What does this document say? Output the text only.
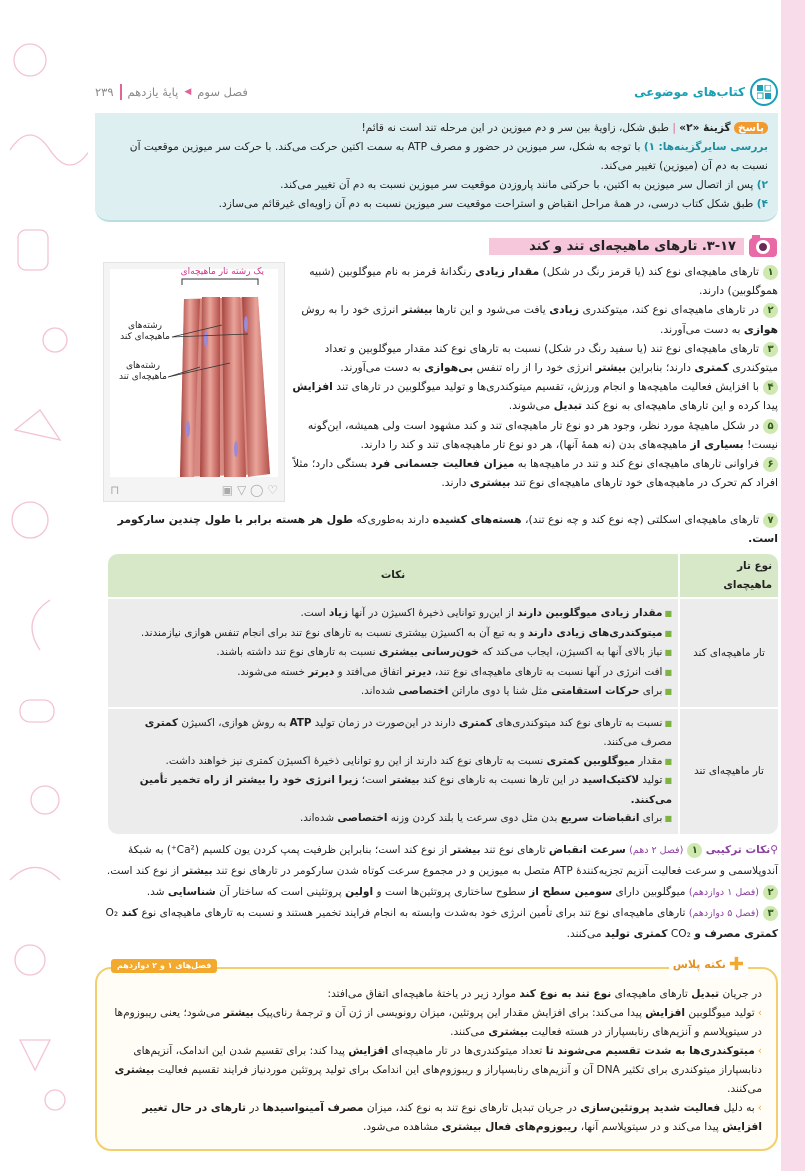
کتاب‌های موضوعی
فصل سوم
◀
پایهٔ یازدهم
۲۳۹
پاسخ گزینهٔ «۲» | طبق شکل، زاویهٔ بین سر و دم میوزین در این مرحله تند است نه قائم!
بررسی سایرگزینه‌ها: ۱) با توجه به شکل، سر میوزین در حضور و مصرف ATP به سمت اکتین حرکت می‌کند. با حرکت سر میوزین موقعیت آن نسبت به دم آن (میوزین) تغییر می‌کند.
۲) پس از اتصال سر میوزین به اکتین، با حرکتی مانند پاروزدن موقعیت سر میوزین نسبت به دم آن تغییر می‌کند.
۴) طبق شکل کتاب درسی، در همهٔ مراحل انقباض و استراحت موقعیت سر میوزین نسبت به دم آن زاویه‌ای غیرقائم می‌سازد.
۳-۱۷. تارهای ماهیچه‌ای تند و کند
یک رشته تار ماهیچه‌ای
رشته‌های ماهیچه‌ای کند
رشته‌های ماهیچه‌ای تند
♡ ◯ ▽ ▣
⊓
۱تارهای ماهیچه‌ای نوع کند (یا قرمز رنگ در شکل) مقدار زیادی رنگدانهٔ قرمز به نام میوگلوبین (شبیه هموگلوبین) دارند.
۲در تارهای ماهیچه‌ای نوع کند، میتوکندری زیادی یافت می‌شود و این تارها بیشتر انرژی خود را به روش هوازی به دست می‌آورند.
۳تارهای ماهیچه‌ای نوع تند (یا سفید رنگ در شکل) نسبت به تارهای نوع کند مقدار میوگلوبین و تعداد میتوکندری کمتری دارند؛ بنابراین بیشتر انرژی خود را از راه تنفس بی‌هوازی به دست می‌آورند.
۴با افزایش فعالیت ماهیچه‌ها و انجام ورزش، تقسیم میتوکندری‌ها و تولید میوگلوبین در تارهای تند افزایش پیدا کرده و این تارهای ماهیچه‌ای به نوع کند تبدیل می‌شوند.
۵در شکل ماهیچهٔ مورد نظر، وجود هر دو نوع تار ماهیچه‌ای تند و کند مشهود است ولی همیشه، این‌گونه نیست! بسیاری از ماهیچه‌های بدن (نه همهٔ آنها)، هر دو نوع تار ماهیچه‌های تند و کند را دارند.
۶فراوانی تارهای ماهیچه‌ای نوع کند و تند در ماهیچه‌ها به میزان فعالیت جسمانی فرد بستگی دارد؛ مثلاً افراد کم تحرک در ماهیچه‌های خود تارهای ماهیچه‌ای نوع تند بیشتری دارند.
۷تارهای ماهیچه‌ای اسکلتی (چه نوع کند و چه نوع تند)، هسته‌های کشیده دارند به‌طوری‌که طول هر هسته برابر با طول چندین سارکومر است.
نوع تار ماهیچه‌ای	نکات
تار ماهیچه‌ای کند	■مقدار زیادی میوگلوبین دارند از این‌رو توانایی ذخیرهٔ اکسیژن در آنها زیاد است.
■میتوکندری‌های زیادی دارند و به تبع آن به اکسیژن بیشتری نسبت به تارهای نوع تند برای انجام تنفس هوازی نیازمندند.
■نیاز بالای آنها به اکسیژن، ایجاب می‌کند که خون‌رسانی بیشتری نسبت به تارهای نوع تند داشته باشند.
■افت انرژی در آنها نسبت به تارهای ماهیچه‌ای نوع تند، دیرتر اتفاق می‌افتد و دیرتر خسته می‌شوند.
■برای حرکات استقامتی مثل شنا یا دوی ماراتن اختصاصی شده‌اند.

تار ماهیچه‌ای تند	■نسبت به تارهای نوع کند میتوکندری‌های کمتری دارند در این‌صورت در زمان تولید ATP به روش هوازی، اکسیژن کمتری مصرف می‌کنند.
■مقدار میوگلوبین کمتری نسبت به تارهای نوع کند دارند از این رو توانایی ذخیرهٔ اکسیژن کمتری نیز خواهند داشت.
■تولید لاکتیک‌اسید در این تارها نسبت به تارهای نوع کند بیشتر است؛ زیرا انرژی خود را بیشتر از راه تخمیر تأمین می‌کنند.
■برای انقباضات سریع بدن مثل دوی سرعت یا بلند کردن وزنه اختصاصی شده‌اند.
⚲نکات ترکیبی ۱(فصل ۲ دهم) سرعت انقباض تارهای نوع تند بیشتر از نوع کند است؛ بنابراین ظرفیت پمپ کردن یون کلسیم (Ca²⁺) به شبکهٔ آندوپلاسمی و سرعت فعالیت آنزیم تجزیه‌کنندهٔ ATP متصل به میوزین و در مجموع سرعت کوتاه شدن سارکومر در تارهای نوع تند بیشتر از نوع کند است.
۲(فصل ۱ دوازدهم) میوگلوبین دارای سومین سطح از سطوح ساختاری پروتئین‌ها است و اولین پروتئینی است که ساختار آن شناسایی شد.
۳(فصل ۵ دوازدهم) تارهای ماهیچه‌ای نوع تند برای تأمین انرژی خود به‌شدت وابسته به انجام فرایند تخمیر هستند و نسبت به تارهای ماهیچه‌ای نوع کند O₂ کمتری مصرف و CO₂ کمتری تولید می‌کنند.
در جریان تبدیل تارهای ماهیچه‌ای نوع تند به نوع کند موارد زیر در یاختهٔ ماهیچه‌ای اتفاق می‌افتد:
›تولید میوگلوبین افزایش پیدا می‌کند: برای افزایش مقدار این پروتئین، میزان رونویسی از ژن آن و ترجمهٔ رنای‌پیک بیشتر می‌شود؛ یعنی ریبوزوم‌ها در سیتوپلاسم و آنزیم‌های رنابسپاراز در هسته فعالیت بیشتری می‌کنند.
›میتوکندری‌ها به شدت تقسیم می‌شوند تا تعداد میتوکندری‌ها در تار ماهیچه‌ای افزایش پیدا کند: برای تقسیم شدن این اندامک، آنزیم‌های دنابسپاراز میتوکندری برای تکثیر DNA آن و آنزیم‌های رنابسپاراز و ریبوزوم‌های این اندامک برای تولید پروتئین موردنیاز فرایند تقسیم فعالیت بیشتری می‌کنند.
›به دلیل فعالیت شدید پروتئین‌سازی در جریان تبدیل تارهای نوع تند به نوع کند، میزان مصرف آمینواسیدها در تارهای در حال تغییر افزایش پیدا می‌کند و در سیتوپلاسم آنها، ریبوزوم‌های فعال بیشتری مشاهده می‌شود.
✚
نکته پلاس
فصل‌های ۱ و ۲ دوازدهم
